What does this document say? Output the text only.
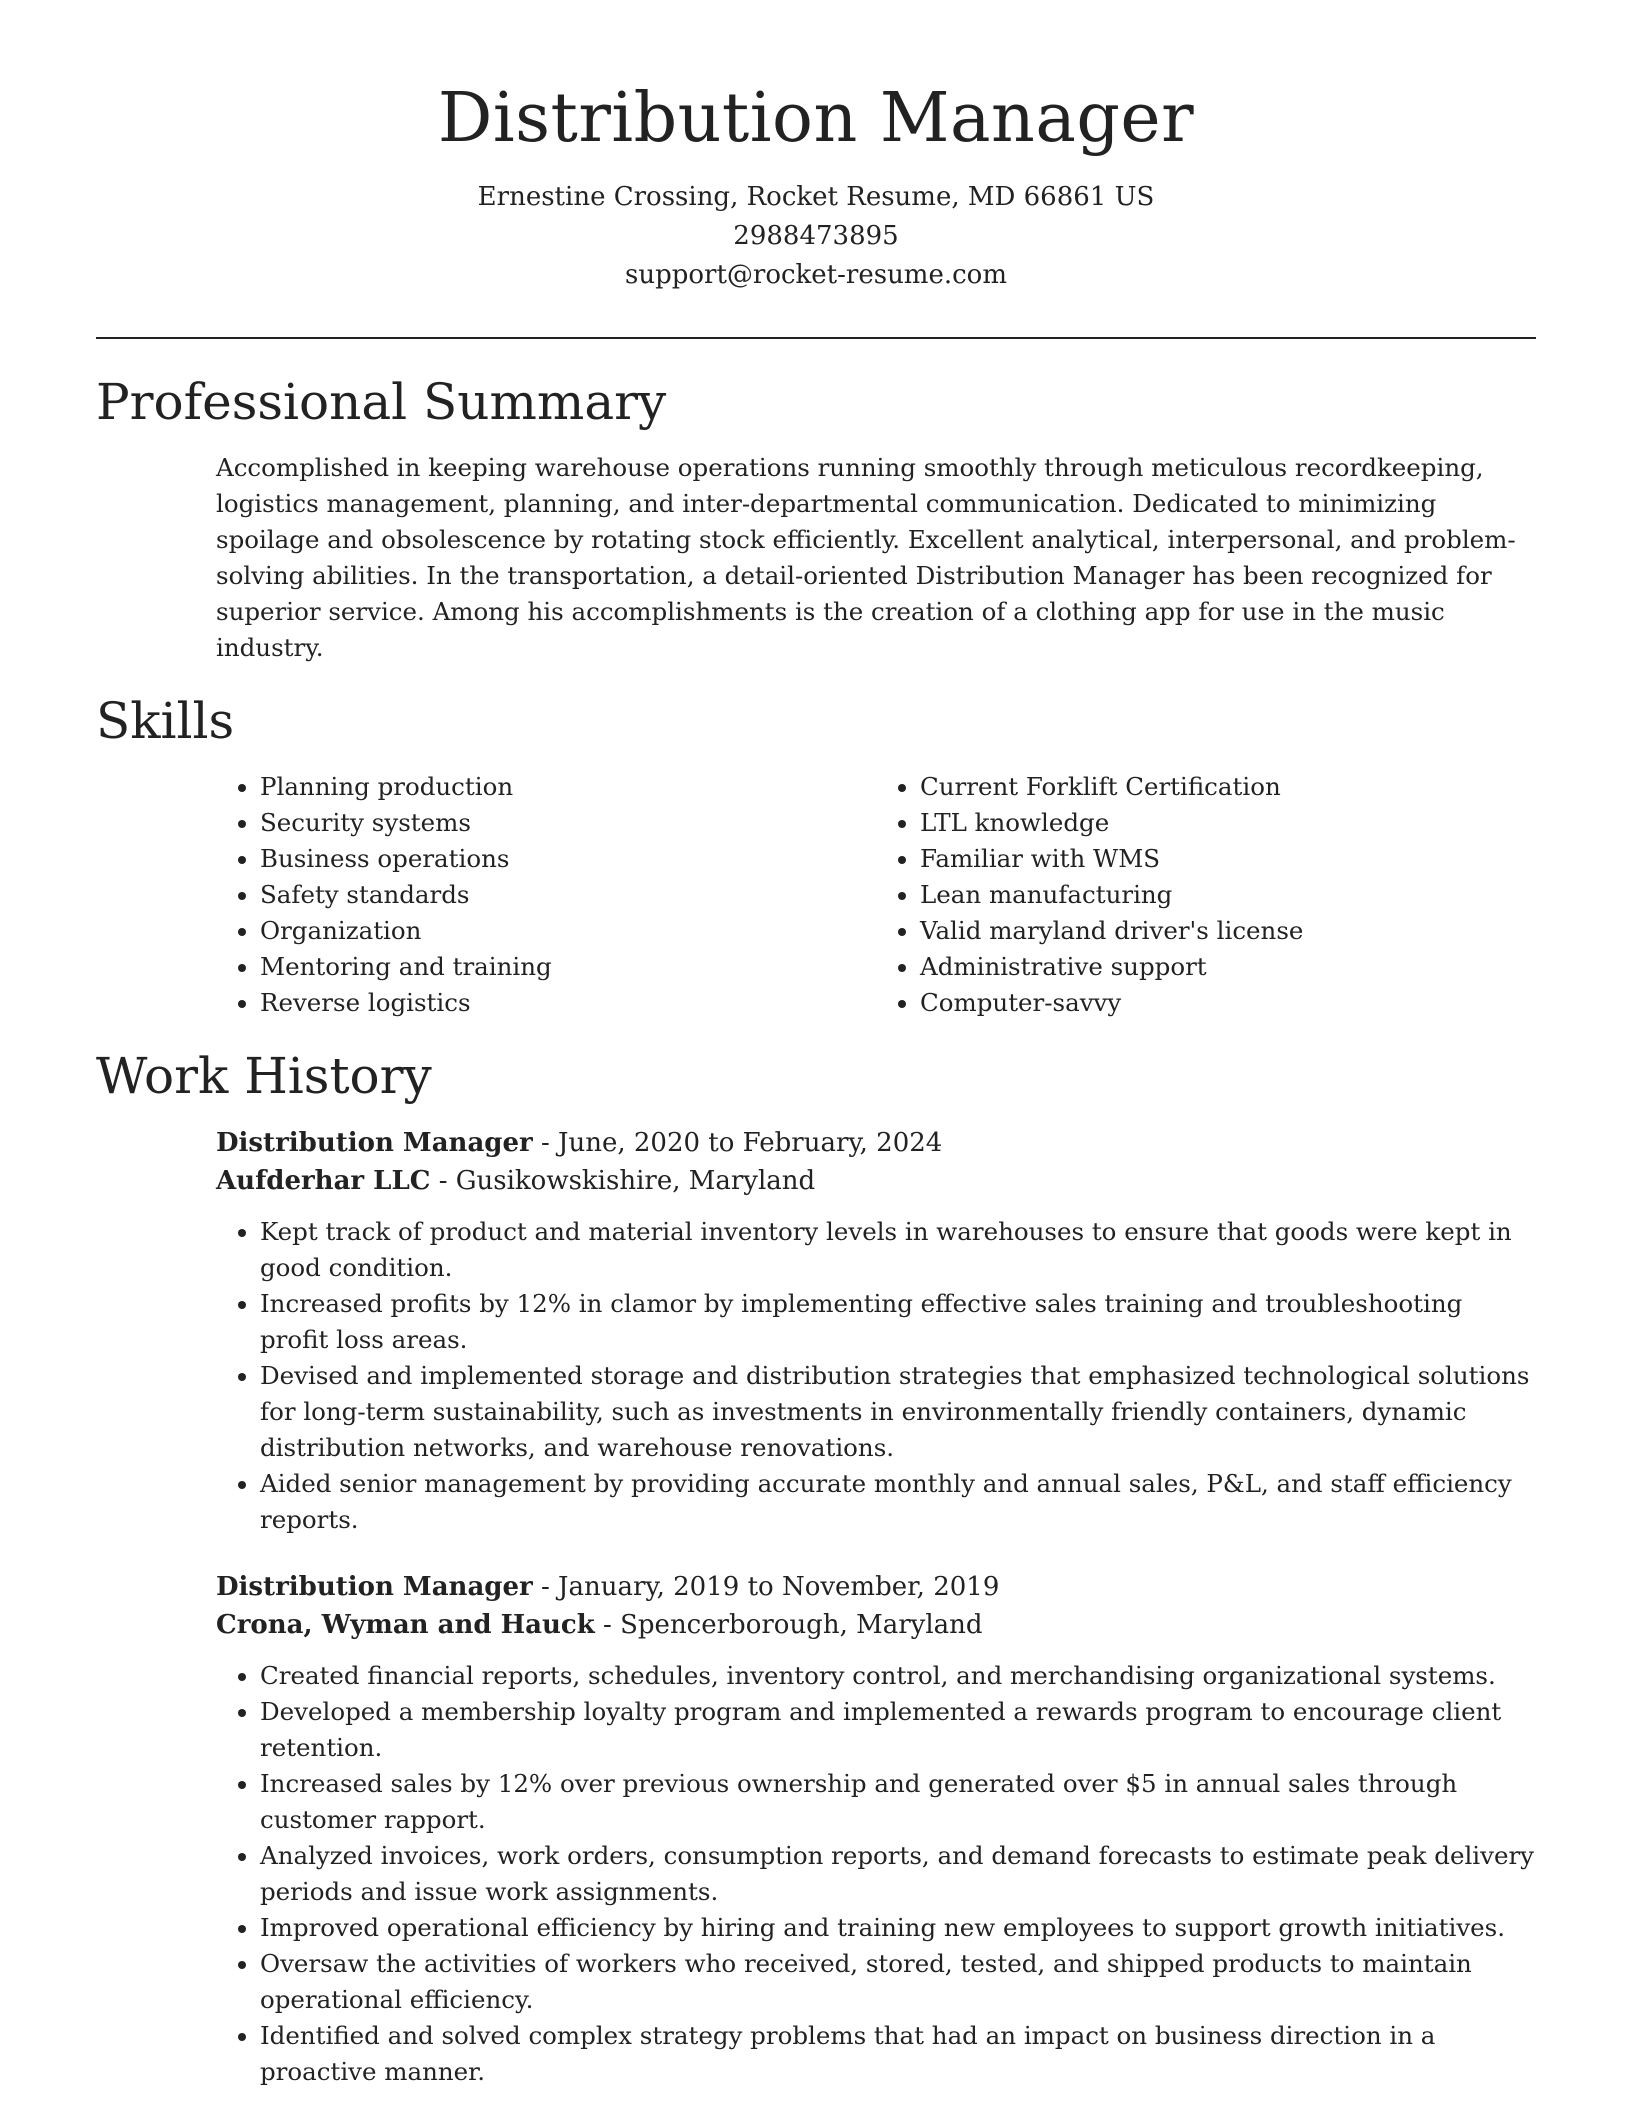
Distribution Manager

Ernestine Crossing, Rocket Resume, MD 66861 US

2988473895

support@rocket-resume.com

Professional Summary

Accomplished in keeping warehouse operations running smoothly through meticulous recordkeeping, logistics management, planning, and inter-departmental communication. Dedicated to minimizing spoilage and obsolescence by rotating stock efficiently. Excellent analytical, interpersonal, and problem-solving abilities. In the transportation, a detail-oriented Distribution Manager has been recognized for superior service. Among his accomplishments is the creation of a clothing app for use in the music industry.

Skills
• Planning production
• Security systems
• Business operations
• Safety standards
• Organization
• Mentoring and training
• Reverse logistics
• Current Forklift Certification
• LTL knowledge
• Familiar with WMS
• Lean manufacturing
• Valid maryland driver's license
• Administrative support
• Computer-savvy
Work History

Distribution Manager - June, 2020 to February, 2024

Aufderhar LLC - Gusikowskishire, Maryland

• Kept track of product and material inventory levels in warehouses to ensure that goods were kept in good condition.
• Increased profits by 12% in clamor by implementing effective sales training and troubleshooting profit loss areas.
• Devised and implemented storage and distribution strategies that emphasized technological solutions for long-term sustainability, such as investments in environmentally friendly containers, dynamic distribution networks, and warehouse renovations.
• Aided senior management by providing accurate monthly and annual sales, P&L, and staff efficiency reports.

Distribution Manager - January, 2019 to November, 2019

Crona, Wyman and Hauck - Spencerborough, Maryland

• Created financial reports, schedules, inventory control, and merchandising organizational systems.
• Developed a membership loyalty program and implemented a rewards program to encourage client retention.
• Increased sales by 12% over previous ownership and generated over $5 in annual sales through customer rapport.
• Analyzed invoices, work orders, consumption reports, and demand forecasts to estimate peak delivery periods and issue work assignments.
• Improved operational efficiency by hiring and training new employees to support growth initiatives.
• Oversaw the activities of workers who received, stored, tested, and shipped products to maintain operational efficiency.
• Identified and solved complex strategy problems that had an impact on business direction in a proactive manner.
